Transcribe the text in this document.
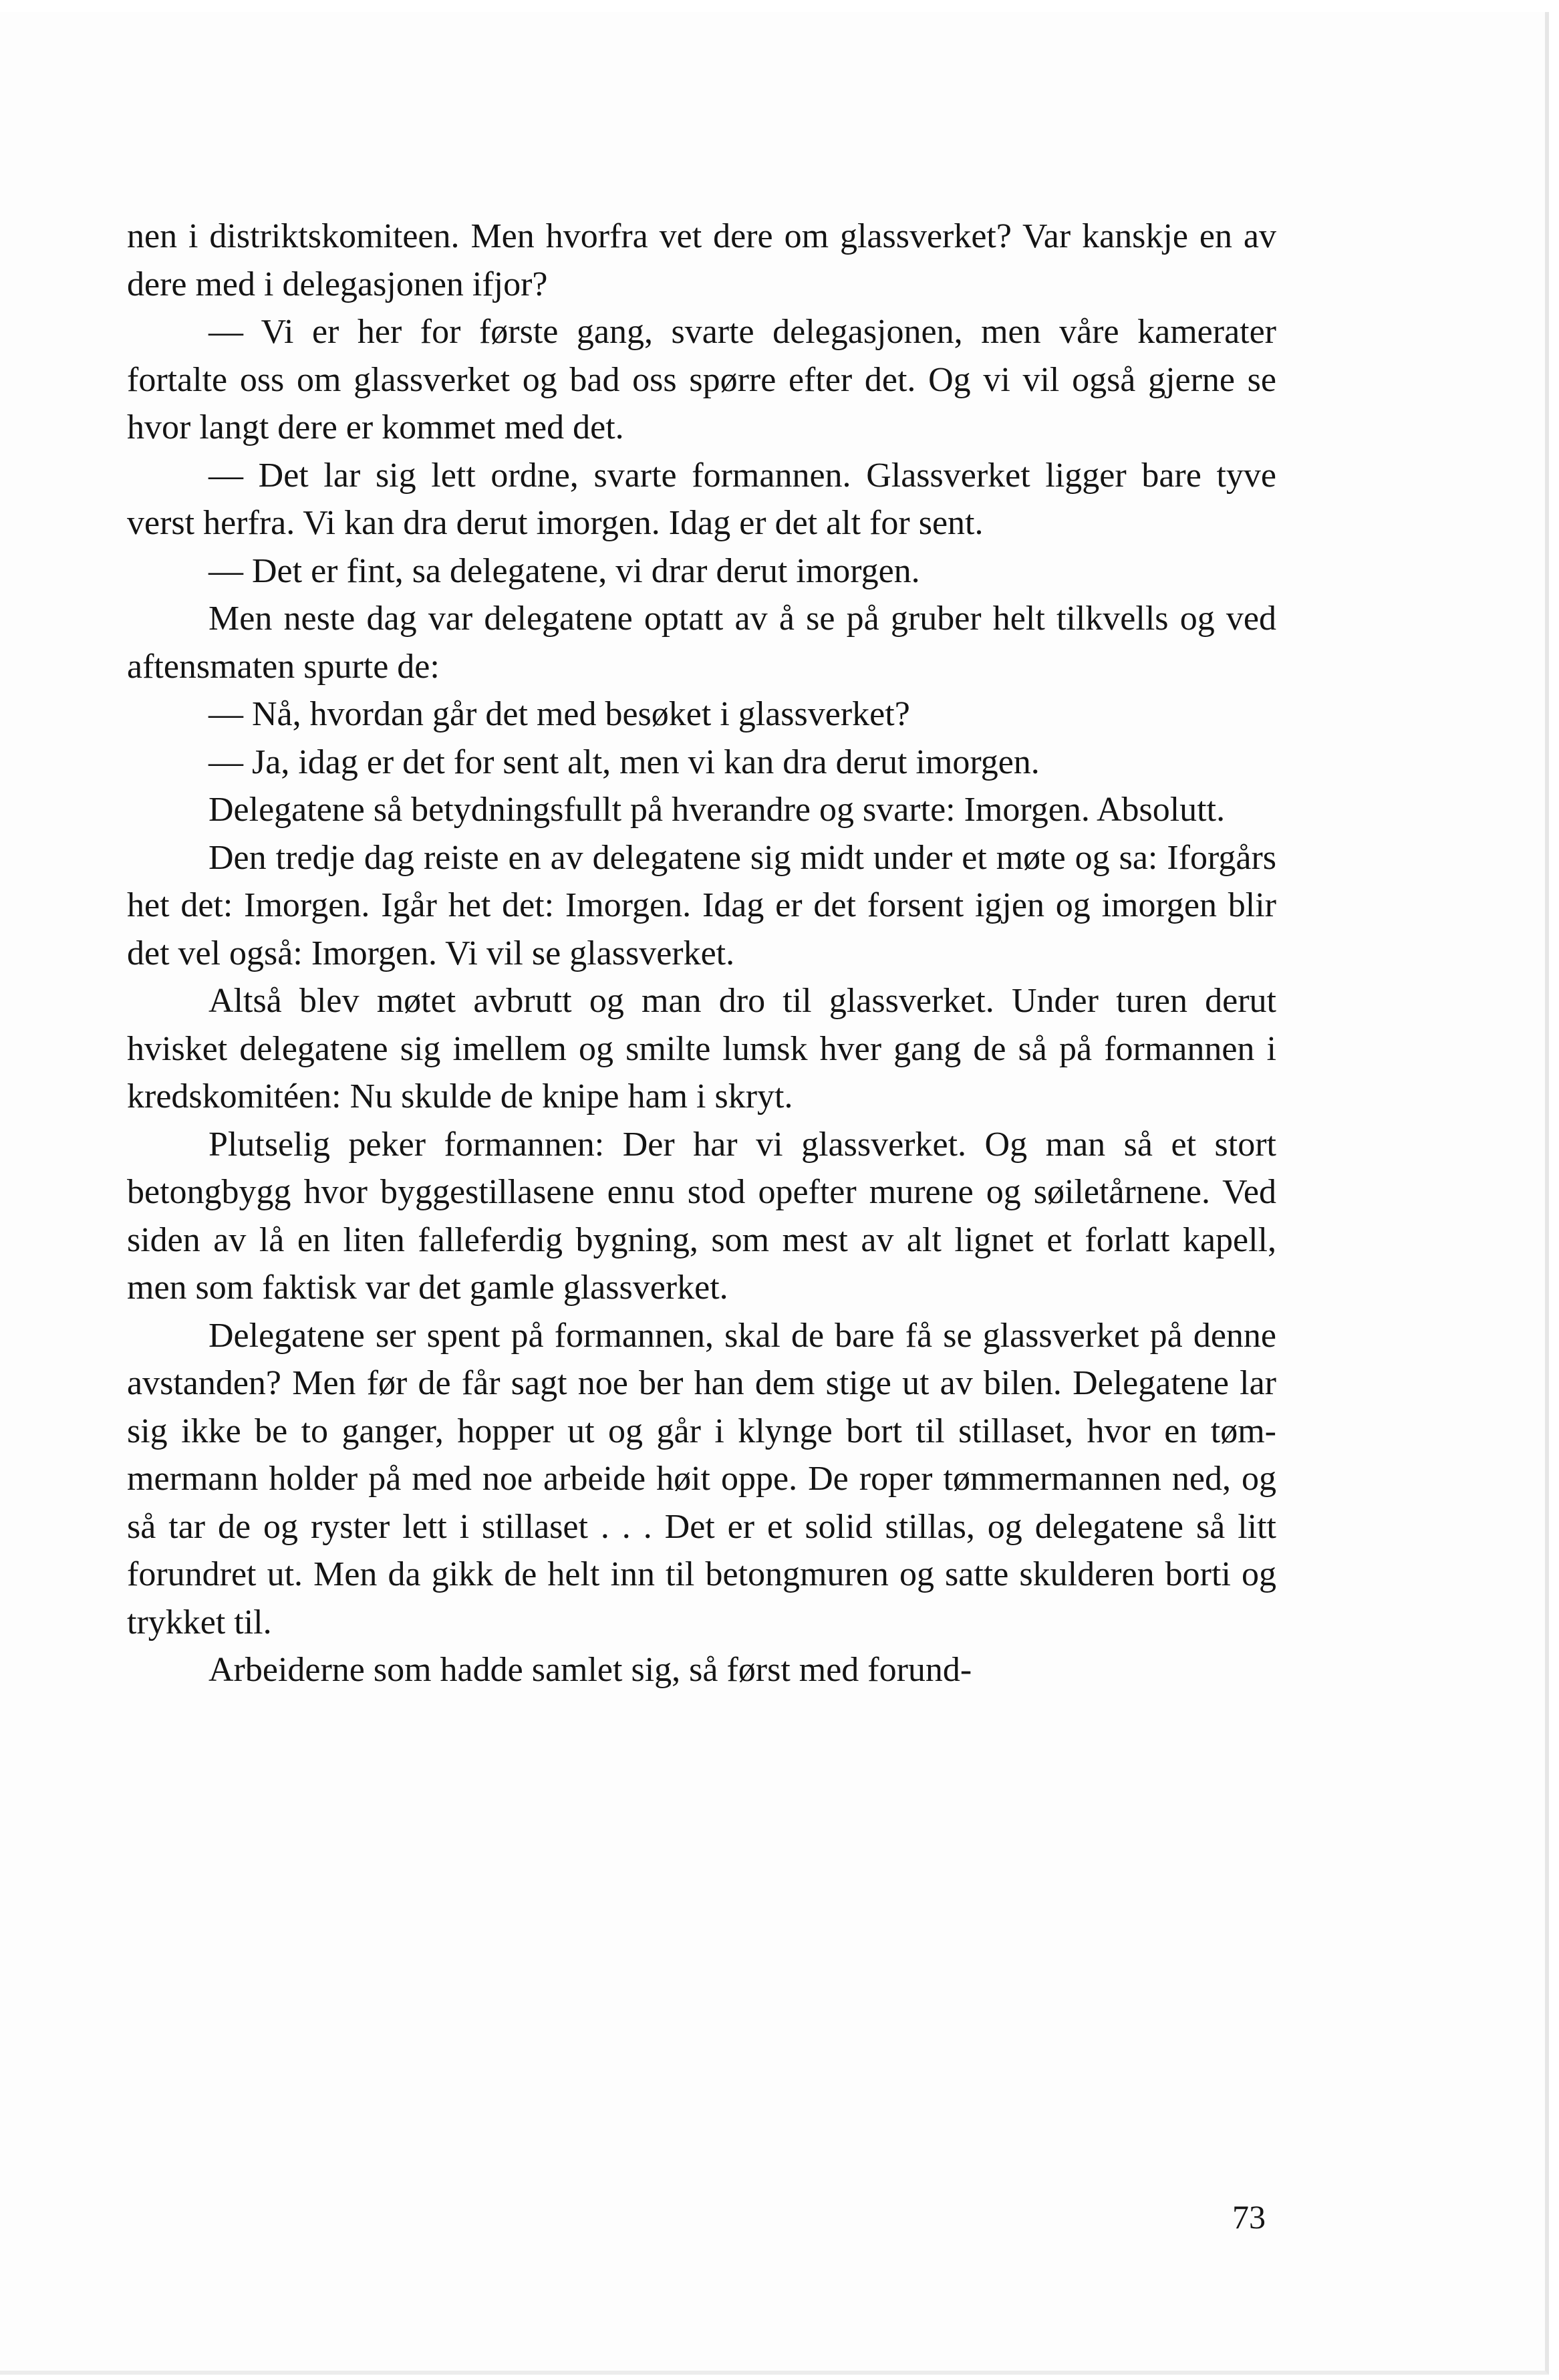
nen i distriktskomiteen. Men hvorfra vet dere om glassverket? Var kanskje en av dere med i delegasjonen ifjor?

— Vi er her for første gang, svarte delegasjonen, men våre kamerater fortalte oss om glassverket og bad oss spørre efter det. Og vi vil også gjerne se hvor langt dere er kommet med det.

— Det lar sig lett ordne, svarte formannen. Glassverket ligger bare tyve verst herfra. Vi kan dra derut imorgen. Idag er det alt for sent.

— Det er fint, sa delegatene, vi drar derut imorgen.

Men neste dag var delegatene optatt av å se på gruber helt tilkvells og ved aftensmaten spurte de:

— Nå, hvordan går det med besøket i glassverket?

— Ja, idag er det for sent alt, men vi kan dra derut imorgen.

Delegatene så betydningsfullt på hverandre og svarte: Imorgen. Absolutt.

Den tredje dag reiste en av delegatene sig midt under et møte og sa: Iforgårs het det: Imorgen. Igår het det: Imorgen. Idag er det forsent igjen og imorgen blir det vel også: Imorgen. Vi vil se glassverket.

Altså blev møtet avbrutt og man dro til glassverket. Under turen derut hvisket delegatene sig imellem og smilte lumsk hver gang de så på formannen i kredskomitéen: Nu skulde de knipe ham i skryt.

Plutselig peker formannen: Der har vi glassverket. Og man så et stort betongbygg hvor byggestillasene ennu stod opefter murene og søiletårnene. Ved siden av lå en liten falleferdig bygning, som mest av alt lignet et forlatt kapell, men som faktisk var det gamle glassverket.

Delegatene ser spent på formannen, skal de bare få se glassverket på denne avstanden? Men før de får sagt noe ber han dem stige ut av bilen. Delegatene lar sig ikke be to ganger, hopper ut og går i klynge bort til stillaset, hvor en tømmermann holder på med noe arbeide høit oppe. De roper tømmermannen ned, og så tar de og ryster lett i stillaset . . . Det er et solid stillas, og delegatene så litt forundret ut. Men da gikk de helt inn til betongmuren og satte skulderen borti og trykket til.

Arbeiderne som hadde samlet sig, så først med forund-

73
